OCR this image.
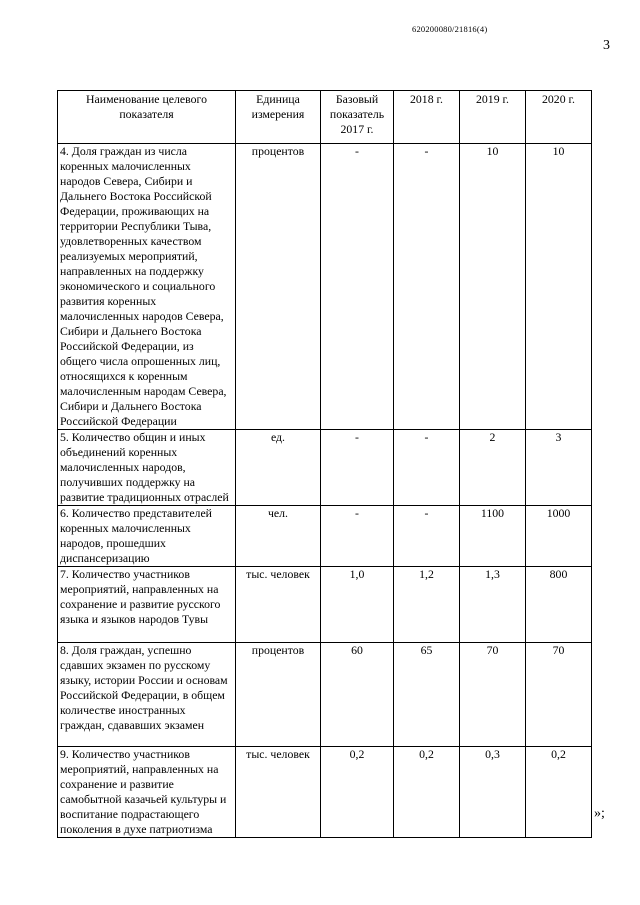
620200080/21816(4)
3
Наименование целевого показателя	Единица измерения	Базовый показатель 2017 г.	2018 г.	2019 г.	2020 г.
4. Доля граждан из числа коренных малочисленных народов Севера, Сибири и Дальнего Востока Российской Федерации, проживающих на территории Республики Тыва, удовлетворенных качеством реализуемых мероприятий, направленных на поддержку экономического и социального развития коренных малочисленных народов Севера, Сибири и Дальнего Востока Российской Федерации, из общего числа опрошенных лиц, относящихся к коренным малочисленным народам Севера, Сибири и Дальнего Востока Российской Федерации	процентов	-	-	10	10
5. Количество общин и иных объединений коренных малочисленных народов, получивших поддержку на развитие традиционных отраслей	ед.	-	-	2	3
6. Количество представителей коренных малочисленных народов, прошедших диспансеризацию	чел.	-	-	1100	1000
7. Количество участников мероприятий, направленных на сохранение и развитие русского языка и языков народов Тувы	тыс. человек	1,0	1,2	1,3	800
8. Доля граждан, успешно сдавших экзамен по русскому языку, истории России и основам Российской Федерации, в общем количестве иностранных граждан, сдававших экзамен	процентов	60	65	70	70
9. Количество участников мероприятий, направленных на сохранение и развитие самобытной казачьей культуры и воспитание подрастающего поколения в духе патриотизма	тыс. человек	0,2	0,2	0,3	0,2
»;
